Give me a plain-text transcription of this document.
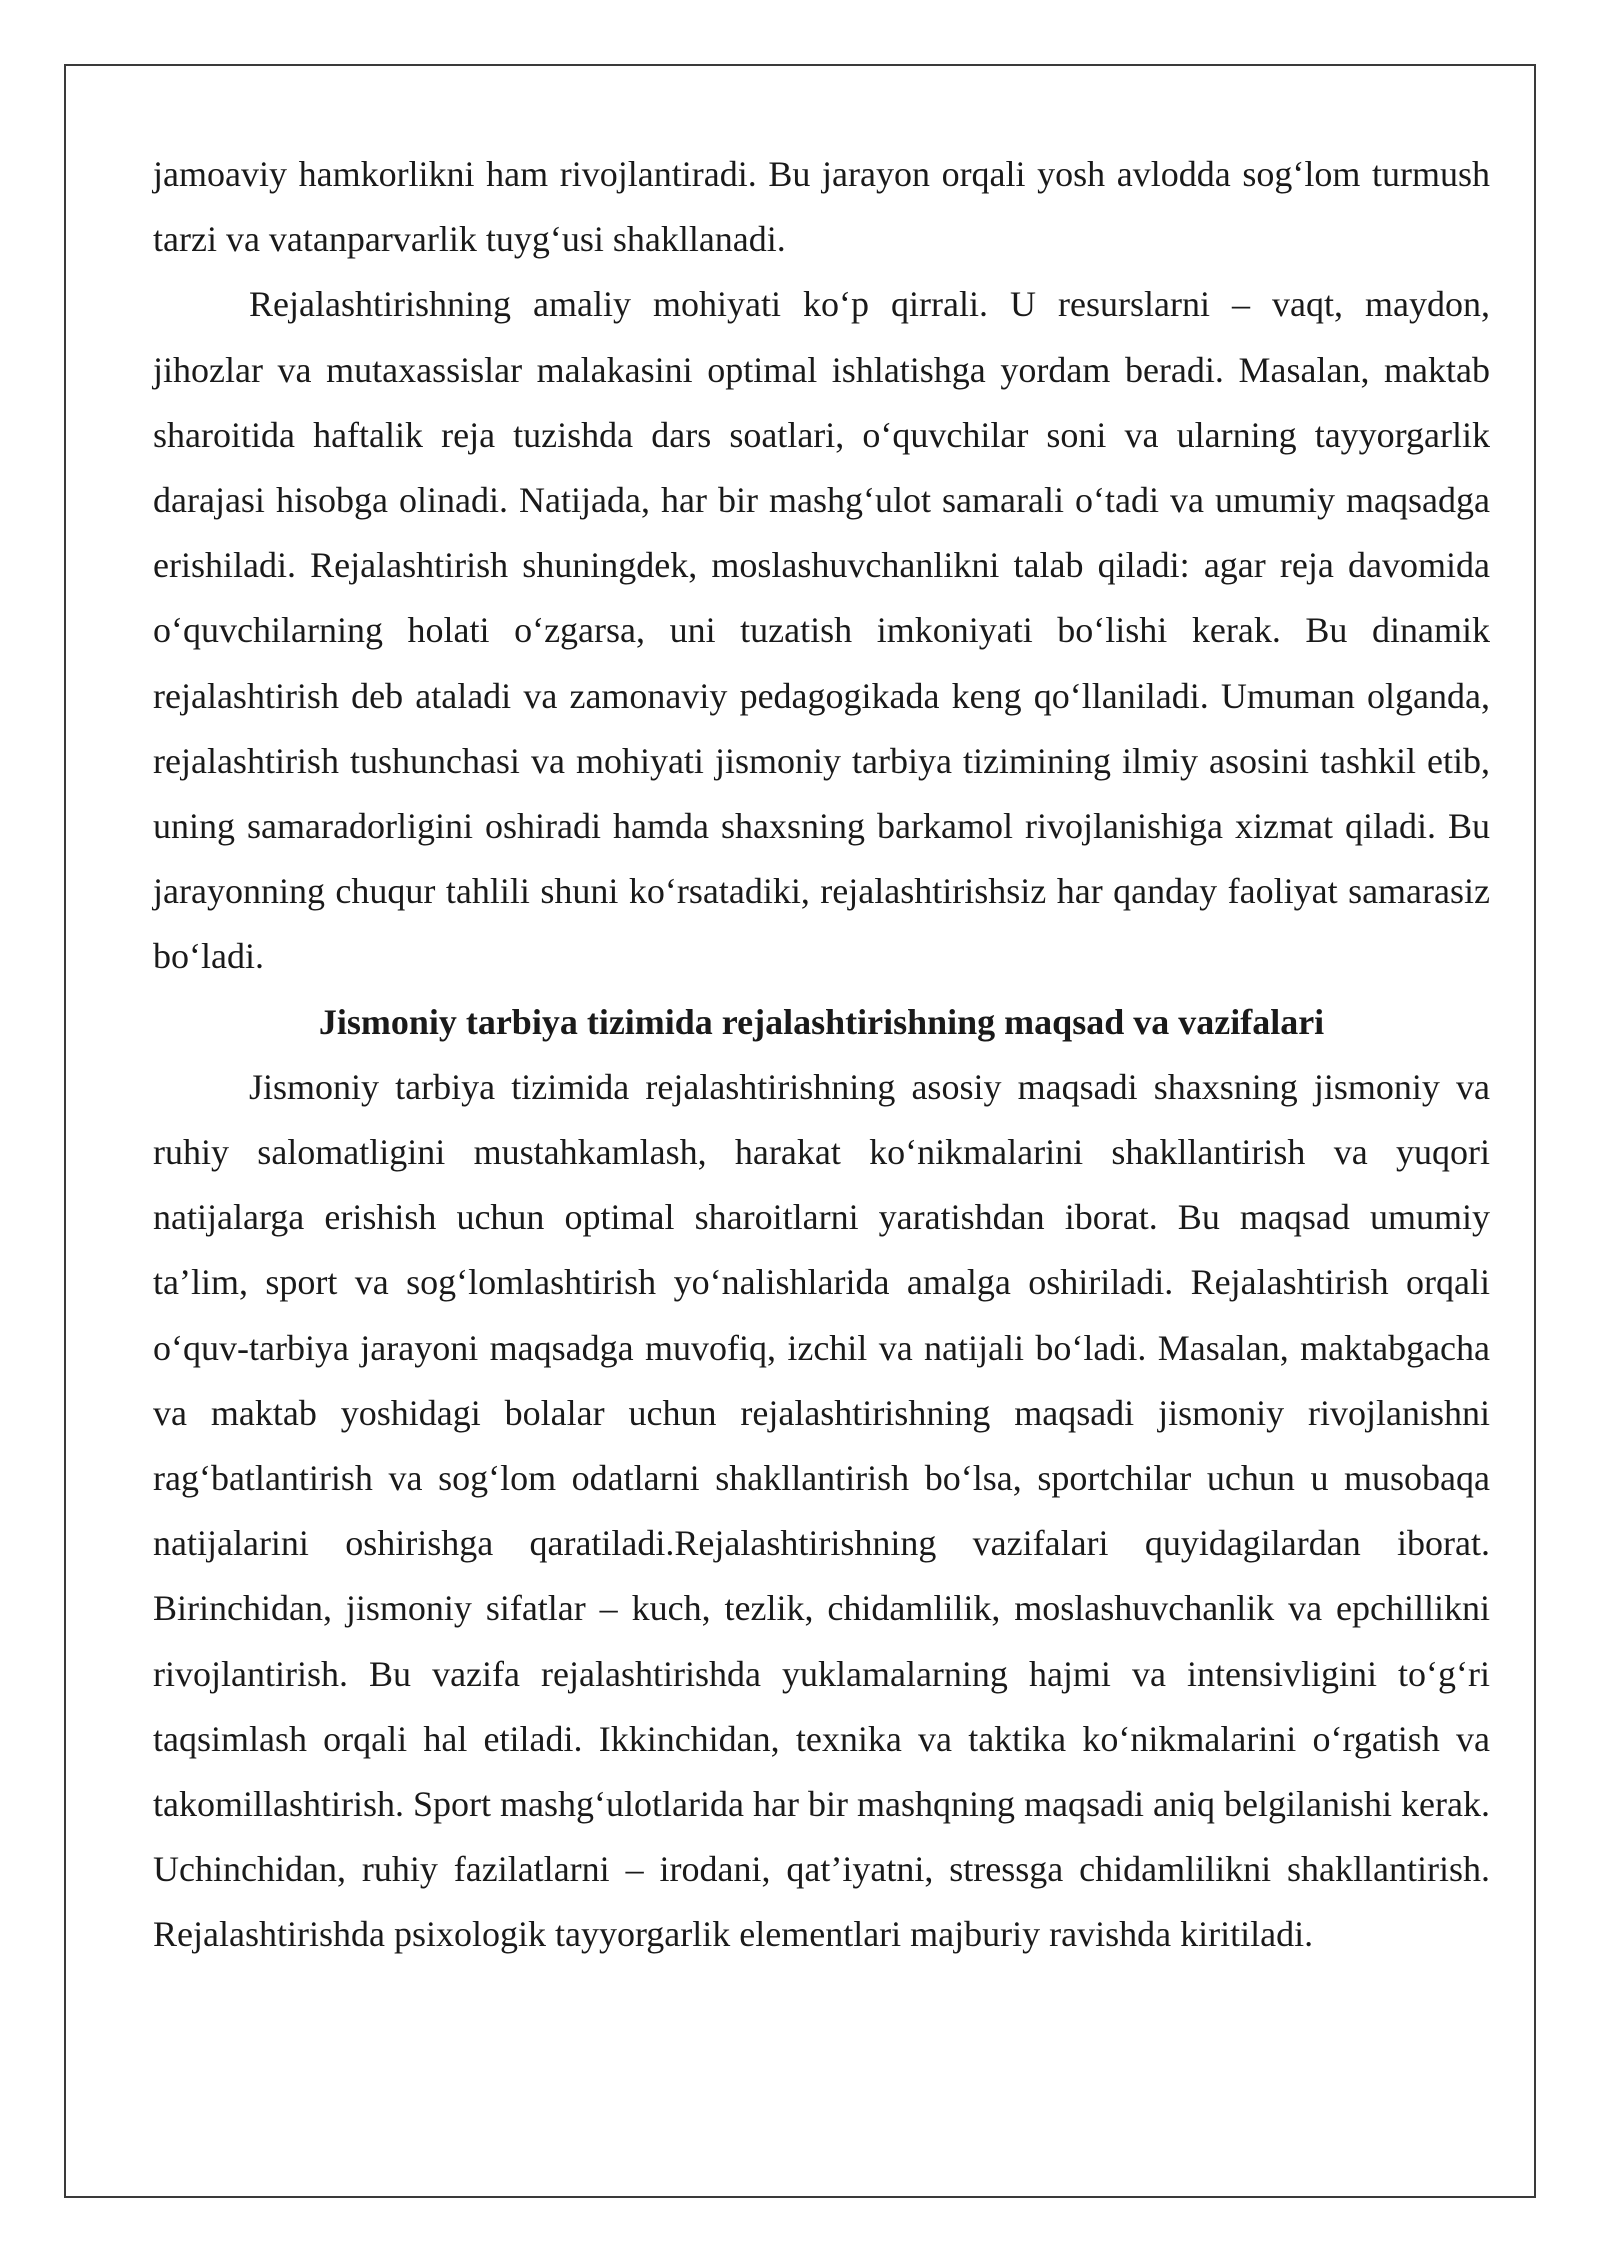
jamoaviy hamkorlikni ham rivojlantiradi. Bu jarayon orqali yosh avlodda sog‘lom turmush tarzi va vatanparvarlik tuyg‘usi shakllanadi.

Rejalashtirishning amaliy mohiyati ko‘p qirrali. U resurslarni – vaqt, maydon, jihozlar va mutaxassislar malakasini optimal ishlatishga yordam beradi. Masalan, maktab sharoitida haftalik reja tuzishda dars soatlari, o‘quvchilar soni va ularning tayyorgarlik darajasi hisobga olinadi. Natijada, har bir mashg‘ulot samarali o‘tadi va umumiy maqsadga erishiladi. Rejalashtirish shuningdek, moslashuvchanlikni talab qiladi: agar reja davomida o‘quvchilarning holati o‘zgarsa, uni tuzatish imkoniyati bo‘lishi kerak. Bu dinamik rejalashtirish deb ataladi va zamonaviy pedagogikada keng qo‘llaniladi. Umuman olganda, rejalashtirish tushunchasi va mohiyati jismoniy tarbiya tizimining ilmiy asosini tashkil etib, uning samaradorligini oshiradi hamda shaxsning barkamol rivojlanishiga xizmat qiladi. Bu jarayonning chuqur tahlili shuni ko‘rsatadiki, rejalashtirishsiz har qanday faoliyat samarasiz bo‘ladi.

Jismoniy tarbiya tizimida rejalashtirishning maqsad va vazifalari

Jismoniy tarbiya tizimida rejalashtirishning asosiy maqsadi shaxsning jismoniy va ruhiy salomatligini mustahkamlash, harakat ko‘nikmalarini shakllantirish va yuqori natijalarga erishish uchun optimal sharoitlarni yaratishdan iborat. Bu maqsad umumiy ta’lim, sport va sog‘lomlashtirish yo‘nalishlarida amalga oshiriladi. Rejalashtirish orqali o‘quv-tarbiya jarayoni maqsadga muvofiq, izchil va natijali bo‘ladi. Masalan, maktabgacha va maktab yoshidagi bolalar uchun rejalashtirishning maqsadi jismoniy rivojlanishni rag‘batlantirish va sog‘lom odatlarni shakllantirish bo‘lsa, sportchilar uchun u musobaqa natijalarini oshirishga qaratiladi.Rejalashtirishning vazifalari quyidagilardan iborat. Birinchidan, jismoniy sifatlar – kuch, tezlik, chidamlilik, moslashuvchanlik va epchillikni rivojlantirish. Bu vazifa rejalashtirishda yuklamalarning hajmi va intensivligini to‘g‘ri taqsimlash orqali hal etiladi. Ikkinchidan, texnika va taktika ko‘nikmalarini o‘rgatish va takomillashtirish. Sport mashg‘ulotlarida har bir mashqning maqsadi aniq belgilanishi kerak. Uchinchidan, ruhiy fazilatlarni – irodani, qat’iyatni, stressga chidamlilikni shakllantirish. Rejalashtirishda psixologik tayyorgarlik elementlari majburiy ravishda kiritiladi.
